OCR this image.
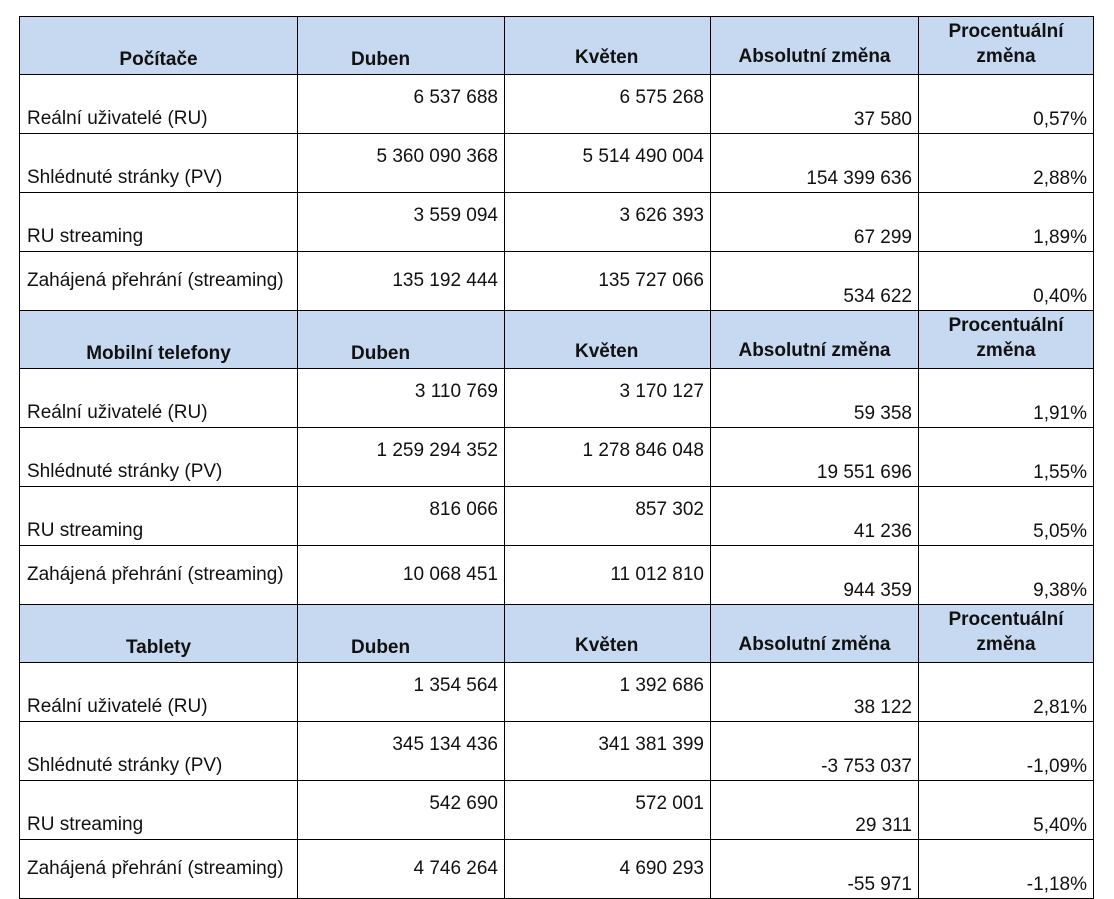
Počítače	Duben	Květen	Absolutní změna	Procentuální změna
Reální uživatelé (RU)	6 537 688	6 575 268	37 580	0,57%
Shlédnuté stránky (PV)	5 360 090 368	5 514 490 004	154 399 636	2,88%
RU streaming	3 559 094	3 626 393	67 299	1,89%
Zahájená přehrání (streaming)	135 192 444	135 727 066	534 622	0,40%
Mobilní telefony	Duben	Květen	Absolutní změna	Procentuální změna
Reální uživatelé (RU)	3 110 769	3 170 127	59 358	1,91%
Shlédnuté stránky (PV)	1 259 294 352	1 278 846 048	19 551 696	1,55%
RU streaming	816 066	857 302	41 236	5,05%
Zahájená přehrání (streaming)	10 068 451	11 012 810	944 359	9,38%
Tablety	Duben	Květen	Absolutní změna	Procentuální změna
Reální uživatelé (RU)	1 354 564	1 392 686	38 122	2,81%
Shlédnuté stránky (PV)	345 134 436	341 381 399	-3 753 037	-1,09%
RU streaming	542 690	572 001	29 311	5,40%
Zahájená přehrání (streaming)	4 746 264	4 690 293	-55 971	-1,18%
